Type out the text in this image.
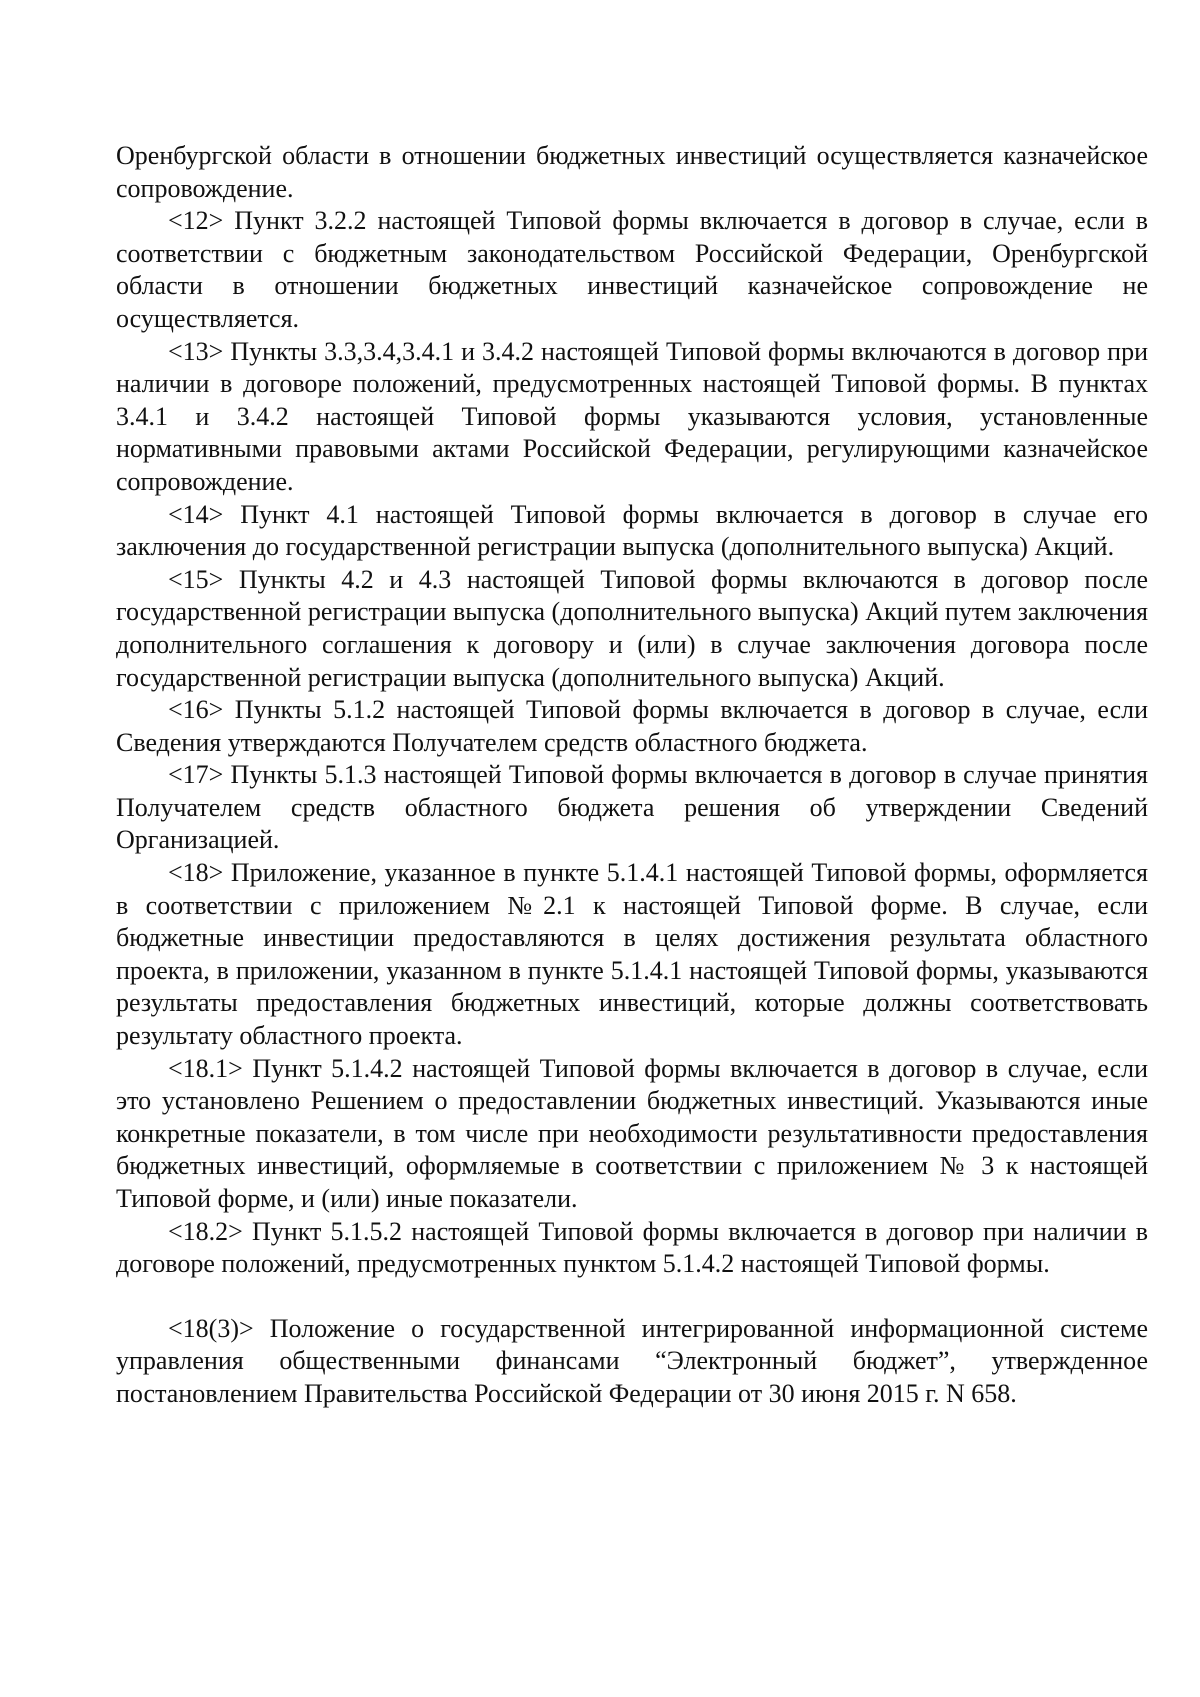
Оренбургской области в отношении бюджетных инвестиций осуществляется казначейское сопровождение.

<12> Пункт 3.2.2 настоящей Типовой формы включается в договор в случае, если в соответствии с бюджетным законодательством Российской Федерации, Оренбургской области в отношении бюджетных инвестиций казначейское сопровождение не осуществляется.

<13> Пункты 3.3,3.4,3.4.1 и 3.4.2 настоящей Типовой формы включаются в договор при наличии в договоре положений, предусмотренных настоящей Типовой формы. В пунктах 3.4.1 и 3.4.2 настоящей Типовой формы указываются условия, установленные нормативными правовыми актами Российской Федерации, регулирующими казначейское сопровождение.

<14> Пункт 4.1 настоящей Типовой формы включается в договор в случае его заключения до государственной регистрации выпуска (дополнительного выпуска) Акций.

<15> Пункты 4.2 и 4.3 настоящей Типовой формы включаются в договор после государственной регистрации выпуска (дополнительного выпуска) Акций путем заключения дополнительного соглашения к договору и (или) в случае заключения договора после государственной регистрации выпуска (дополнительного выпуска) Акций.

<16> Пункты 5.1.2 настоящей Типовой формы включается в договор в случае, если Сведения утверждаются Получателем средств областного бюджета.

<17> Пункты 5.1.3 настоящей Типовой формы включается в договор в случае принятия Получателем средств областного бюджета решения об утверждении Сведений Организацией.

<18> Приложение, указанное в пункте 5.1.4.1 настоящей Типовой формы, оформляется в соответствии с приложением №2.1 к настоящей Типовой форме. В случае, если бюджетные инвестиции предоставляются в целях достижения результата областного проекта, в приложении, указанном в пункте 5.1.4.1 настоящей Типовой формы, указываются результаты предоставления бюджетных инвестиций, которые должны соответствовать результату областного проекта.

<18.1> Пункт 5.1.4.2 настоящей Типовой формы включается в договор в случае, если это установлено Решением о предоставлении бюджетных инвестиций. Указываются иные конкретные показатели, в том числе при необходимости результативности предоставления бюджетных инвестиций, оформляемые в соответствии с приложением № 3 к настоящей Типовой форме, и (или) иные показатели.

<18.2> Пункт 5.1.5.2 настоящей Типовой формы включается в договор при наличии в договоре положений, предусмотренных пунктом 5.1.4.2 настоящей Типовой формы.

<18(3)> Положение о государственной интегрированной информационной системе управления общественными финансами “Электронный бюджет”, утвержденное постановлением Правительства Российской Федерации от 30 июня 2015 г. N 658.
